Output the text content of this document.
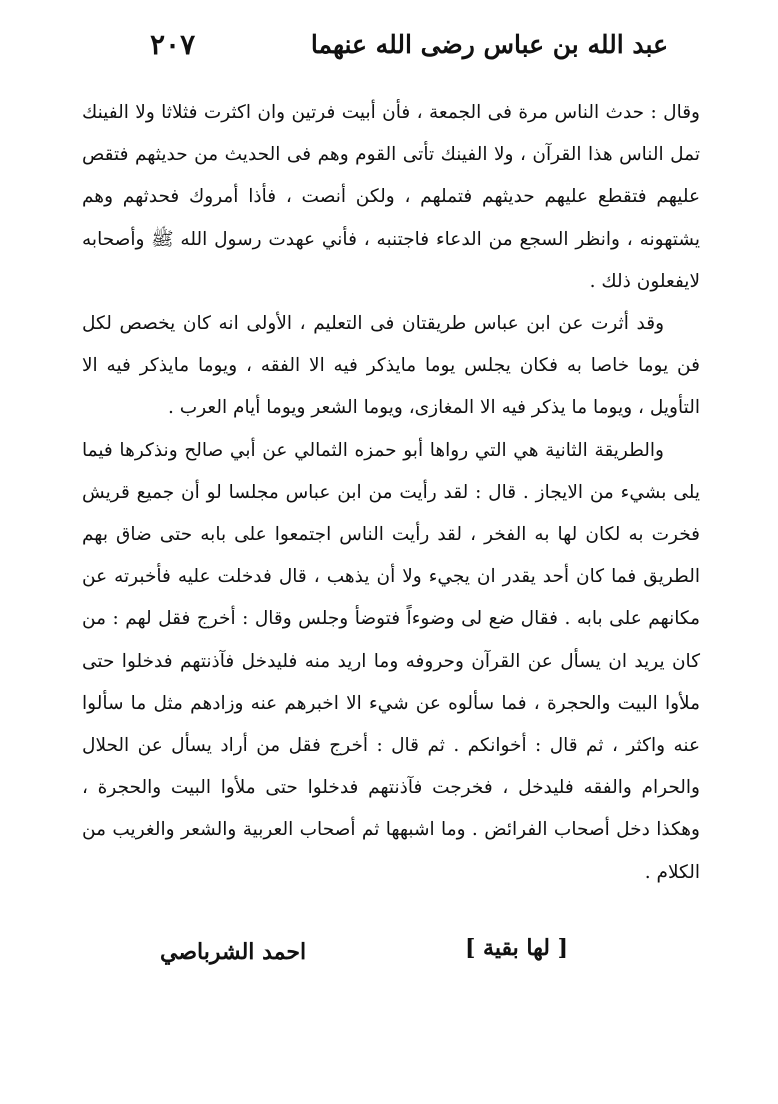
عبد الله بن عباس رضى الله عنهما
٢٠٧

وقال : حدث الناس مرة فى الجمعة ، فأن أبيت فرتين وان اكثرت فثلاثا ولا الفينك تمل الناس هذا القرآن ، ولا الفينك تأتى القوم وهم فى الحديث من حديثهم فتقص عليهم فتقطع عليهم حديثهم فتملهم ، ولكن أنصت ، فأذا أمروك فحدثهم وهم يشتهونه ، وانظر السجع من الدعاء فاجتنبه ، فأني عهدت رسول الله ﷺ وأصحابه لايفعلون ذلك .

وقد أثرت عن ابن عباس طريقتان فى التعليم ، الأولى انه كان يخصص لكل فن يوما خاصا به فكان يجلس يوما مايذكر فيه الا الفقه ، ويوما مايذكر فيه الا التأويل ، ويوما ما يذكر فيه الا المغازى، ويوما الشعر ويوما أيام العرب .

والطريقة الثانية هي التي رواها أبو حمزه الثمالي عن أبي صالح ونذكرها فيما يلى بشيء من الايجاز . قال : لقد رأيت من ابن عباس مجلسا لو أن جميع قريش فخرت به لكان لها به الفخر ، لقد رأيت الناس اجتمعوا على بابه حتى ضاق بهم الطريق فما كان أحد يقدر ان يجيء ولا أن يذهب ، قال فدخلت عليه فأخبرته عن مكانهم على بابه . فقال ضع لى وضوءاً فتوضأ وجلس وقال : أخرج فقل لهم : من كان يريد ان يسأل عن القرآن وحروفه وما اريد منه فليدخل فآذنتهم فدخلوا حتى ملأوا البيت والحجرة ، فما سألوه عن شيء الا اخبرهم عنه وزادهم مثل ما سألوا عنه واكثر ، ثم قال : أخوانكم . ثم قال : أخرج فقل من أراد يسأل عن الحلال والحرام والفقه فليدخل ، فخرجت فآذنتهم فدخلوا حتى ملأوا البيت والحجرة ، وهكذا دخل أصحاب الفرائض . وما اشبهها ثم أصحاب العربية والشعر والغريب من الكلام .

[ لها بقية ]
احمد الشرباصي
